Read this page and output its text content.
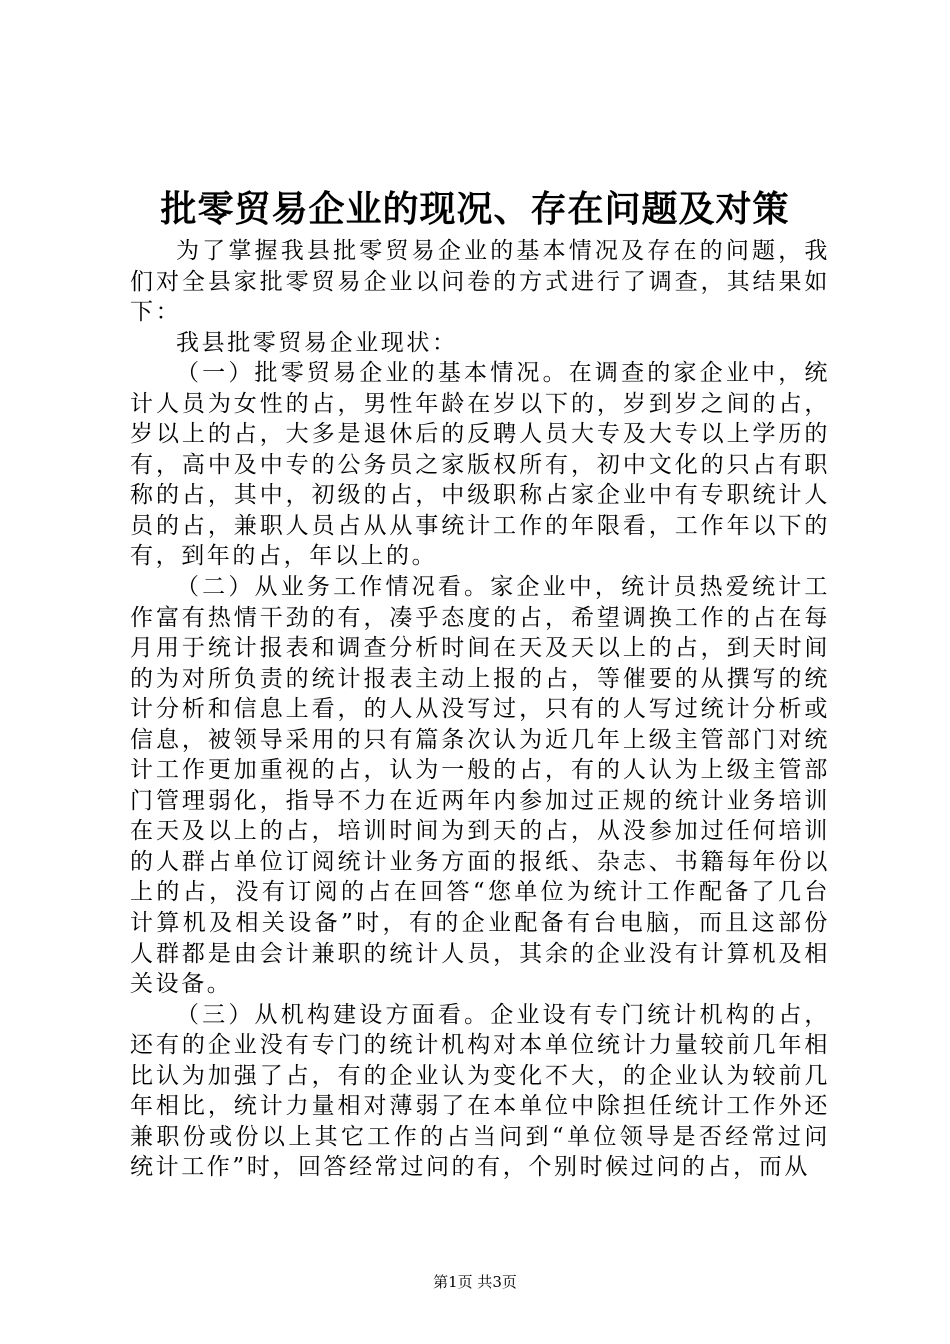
批零贸易企业的现况、存在问题及对策

为了掌握我县批零贸易企业的基本情况及存在的问题，我们对全县家批零贸易企业以问卷的方式进行了调查，其结果如下：

我县批零贸易企业现状：

（一）批零贸易企业的基本情况。在调查的家企业中，统计人员为女性的占，男性年龄在岁以下的，岁到岁之间的占，岁以上的占，大多是退休后的反聘人员大专及大专以上学历的有，高中及中专的公务员之家版权所有，初中文化的只占有职称的占，其中，初级的占，中级职称占家企业中有专职统计人员的占，兼职人员占从从事统计工作的年限看，工作年以下的有，到年的占，年以上的。

（二）从业务工作情况看。家企业中，统计员热爱统计工作富有热情干劲的有，凑乎态度的占，希望调换工作的占在每月用于统计报表和调查分析时间在天及天以上的占，到天时间的为对所负责的统计报表主动上报的占，等催要的从撰写的统计分析和信息上看，的人从没写过，只有的人写过统计分析或信息，被领导采用的只有篇条次认为近几年上级主管部门对统计工作更加重视的占，认为一般的占，有的人认为上级主管部门管理弱化，指导不力在近两年内参加过正规的统计业务培训在天及以上的占，培训时间为到天的占，从没参加过任何培训的人群占单位订阅统计业务方面的报纸、杂志、书籍每年份以上的占，没有订阅的占在回答“您单位为统计工作配备了几台计算机及相关设备”时，有的企业配备有台电脑，而且这部份人群都是由会计兼职的统计人员，其余的企业没有计算机及相关设备。

（三）从机构建设方面看。企业设有专门统计机构的占，还有的企业没有专门的统计机构对本单位统计力量较前几年相比认为加强了占，有的企业认为变化不大，的企业认为较前几年相比，统计力量相对薄弱了在本单位中除担任统计工作外还兼职份或份以上其它工作的占当问到“单位领导是否经常过问统计工作”时，回答经常过问的有，个别时候过问的占，而从

第1页 共3页
